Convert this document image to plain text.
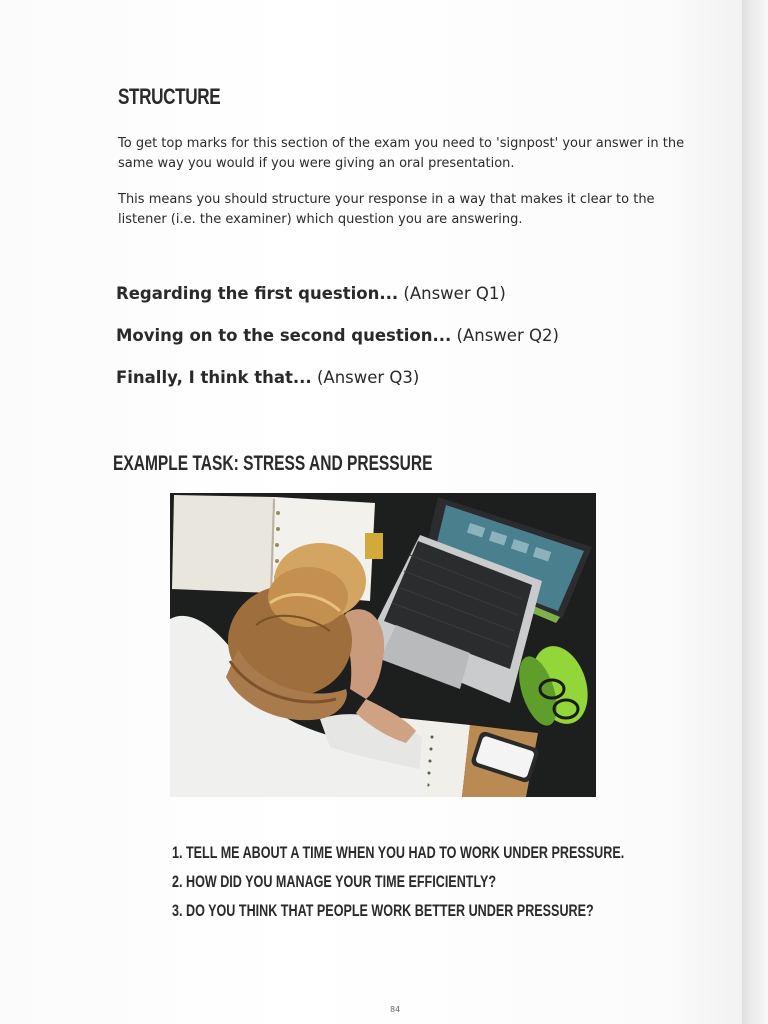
STRUCTURE
To get top marks for this section of the exam you need to 'signpost' your answer in the same way you would if you were giving an oral presentation.
This means you should structure your response in a way that makes it clear to the listener (i.e. the examiner) which question you are answering.
Regarding the first question... (Answer Q1)
Moving on to the second question... (Answer Q2)
Finally, I think that... (Answer Q3)
EXAMPLE TASK: STRESS AND PRESSURE
1. TELL ME ABOUT A TIME WHEN YOU HAD TO WORK UNDER PRESSURE.
2. HOW DID YOU MANAGE YOUR TIME EFFICIENTLY?
3. DO YOU THINK THAT PEOPLE WORK BETTER UNDER PRESSURE?
84
